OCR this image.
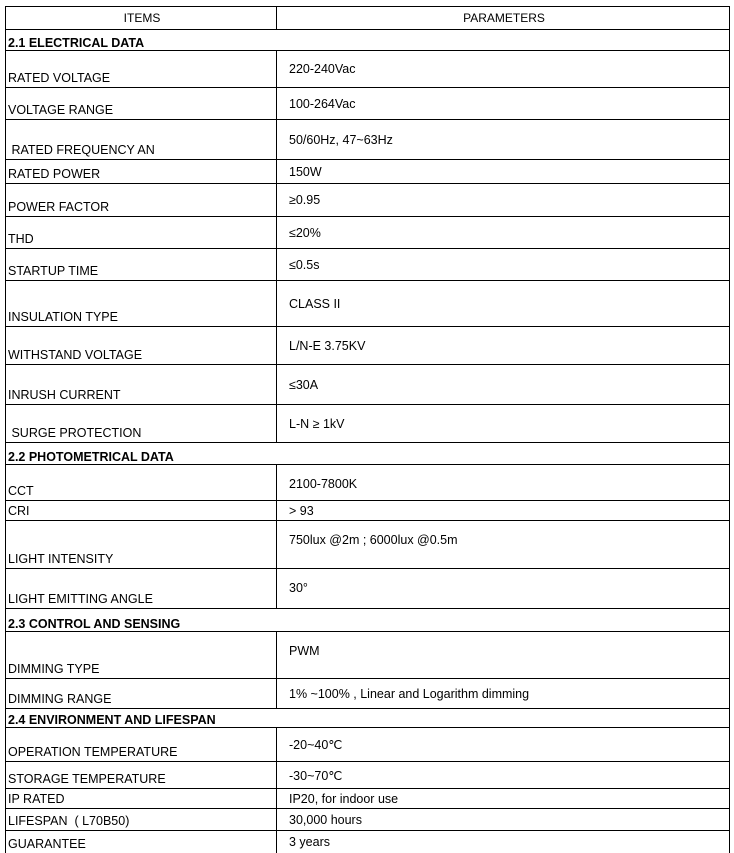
ITEMS	PARAMETERS
2.1 ELECTRICAL DATA	
RATED VOLTAGE	220-240Vac
VOLTAGE RANGE	100-264Vac
RATED FREQUENCY AN	50/60Hz, 47~63Hz
RATED POWER	150W
POWER FACTOR	≥0.95
THD	≤20%
STARTUP TIME	≤0.5s
INSULATION TYPE	CLASS II
WITHSTAND VOLTAGE	L/N-E 3.75KV
INRUSH CURRENT	≤30A
SURGE PROTECTION	L-N ≥ 1kV
2.2 PHOTOMETRICAL DATA	
CCT	2100-7800K
CRI	> 93
LIGHT INTENSITY	750lux @2m ; 6000lux @0.5m
LIGHT EMITTING ANGLE	30°
2.3 CONTROL AND SENSING	
DIMMING TYPE	PWM
DIMMING RANGE	1% ~100% , Linear and Logarithm dimming
2.4 ENVIRONMENT AND LIFESPAN	
OPERATION TEMPERATURE	-20~40℃
STORAGE TEMPERATURE	-30~70℃
IP RATED	IP20, for indoor use
LIFESPAN  ( L70B50)	30,000 hours
GUARANTEE	3 years
